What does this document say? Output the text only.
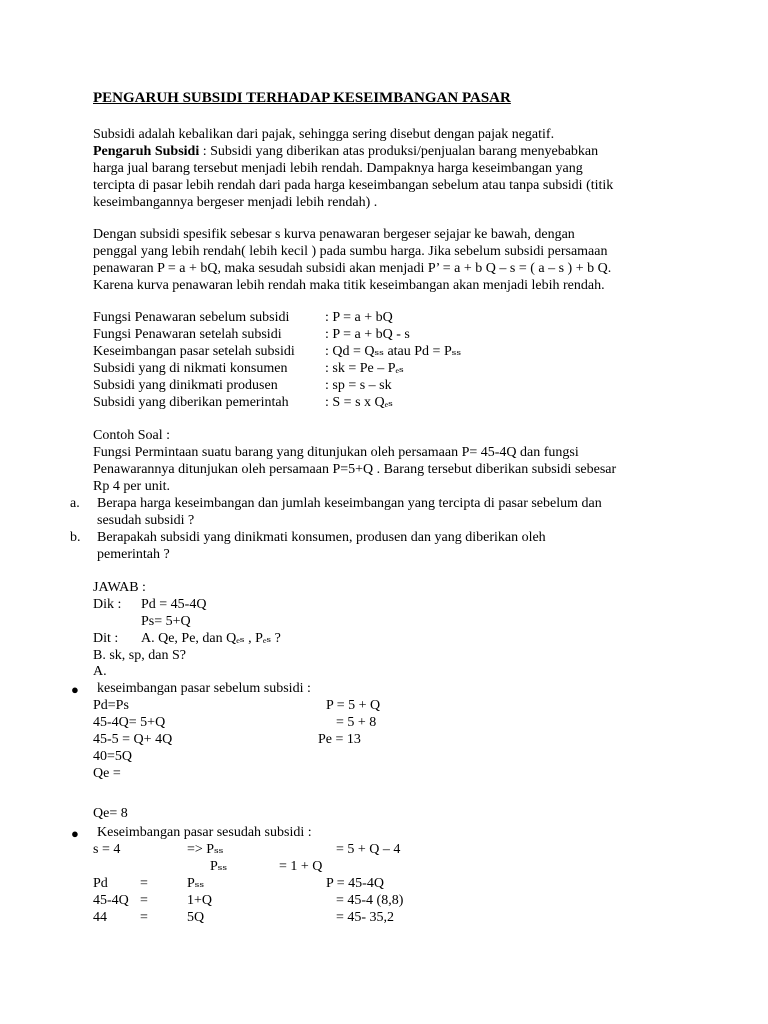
PENGARUH SUBSIDI TERHADAP KESEIMBANGAN PASAR
Subsidi adalah kebalikan dari pajak, sehingga sering disebut dengan pajak negatif.
Pengaruh Subsidi : Subsidi yang diberikan atas produksi/penjualan barang menyebabkan
harga jual barang tersebut menjadi lebih rendah. Dampaknya harga keseimbangan yang
tercipta di pasar lebih rendah dari pada harga keseimbangan sebelum atau tanpa subsidi (titik
keseimbangannya bergeser menjadi lebih rendah) .
Dengan subsidi spesifik sebesar s kurva penawaran bergeser sejajar ke bawah, dengan
penggal yang lebih rendah( lebih kecil ) pada sumbu harga. Jika sebelum subsidi persamaan
penawaran P = a + bQ, maka sesudah subsidi akan menjadi P’ = a + b Q – s = ( a – s ) + b Q.
Karena kurva penawaran lebih rendah maka titik keseimbangan akan menjadi lebih rendah.
Fungsi Penawaran sebelum subsidi	: P = a + bQ
Fungsi Penawaran setelah subsidi	: P = a + bQ - s
Keseimbangan pasar setelah subsidi : Qd = Qₛₛ atau Pd = Pₛₛ
Subsidi yang di nikmati konsumen	: sk = Pe – Pₑₛ
Subsidi yang dinikmati produsen	: sp = s – sk
Subsidi yang diberikan pemerintah	: S = s x Qₑₛ
Contoh Soal :
Fungsi Permintaan suatu barang yang ditunjukan oleh persamaan P= 45-4Q dan fungsi
Penawarannya ditunjukan oleh persamaan P=5+Q . Barang tersebut diberikan subsidi sebesar
Rp 4 per unit.
a. Berapa harga keseimbangan dan jumlah keseimbangan yang tercipta di pasar sebelum dan
sesudah subsidi ?
b. Berapakah subsidi yang dinikmati konsumen, produsen dan yang diberikan oleh
pemerintah ?
JAWAB :
Dik : Pd = 45-4Q
Ps= 5+Q
Dit : A. Qe, Pe, dan Qₑₛ , Pₑₛ ?
B. sk, sp, dan S?
A.
● keseimbangan pasar sebelum subsidi :
Pd=Ps	P = 5 + Q
45-4Q= 5+Q	= 5 + 8
45-5 = Q+ 4Q	Pe = 13
40=5Q
Qe =
Qe= 8
● Keseimbangan pasar sesudah subsidi :
s = 4	=> Pₛₛ	= 5 + Q – 4
Pₛₛ	= 1 + Q
Pd =	Pₛₛ	P = 45-4Q
45-4Q =	1+Q	= 45-4 (8,8)
44 =	5Q	= 45- 35,2
